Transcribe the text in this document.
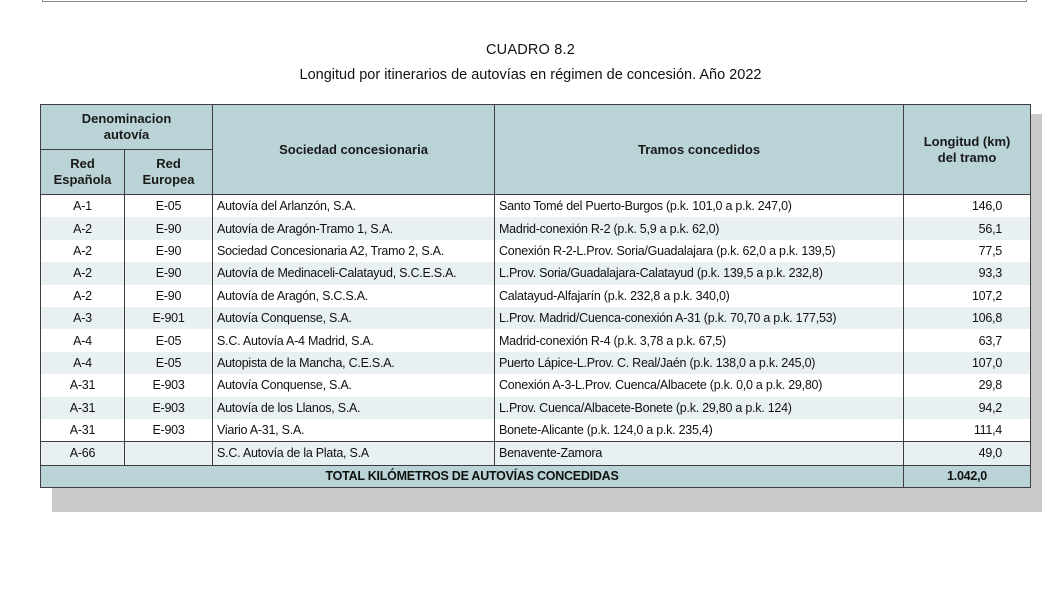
CUADRO 8.2
Longitud por itinerarios de autovías en régimen de concesión. Año 2022
Denominacion autovía		Sociedad concesionaria	Tramos concedidos	Longitud (km) del tramo
Red Española	Red Europea			
A-1	E-05	Autovía del Arlanzón, S.A.	Santo Tomé del Puerto-Burgos (p.k. 101,0 a p.k. 247,0)	146,0
A-2	E-90	Autovía de Aragón-Tramo 1, S.A.	Madrid-conexión R-2 (p.k. 5,9 a p.k. 62,0)	56,1
A-2	E-90	Sociedad Concesionaria A2, Tramo 2, S.A.	Conexión R-2-L.Prov. Soria/Guadalajara (p.k. 62,0 a p.k. 139,5)	77,5
A-2	E-90	Autovía de Medinaceli-Calatayud, S.C.E.S.A.	L.Prov. Soria/Guadalajara-Calatayud (p.k. 139,5 a p.k. 232,8)	93,3
A-2	E-90	Autovía de Aragón, S.C.S.A.	Calatayud-Alfajarín (p.k. 232,8 a p.k. 340,0)	107,2
A-3	E-901	Autovía Conquense, S.A.	L.Prov. Madrid/Cuenca-conexión A-31 (p.k. 70,70 a p.k. 177,53)	106,8
A-4	E-05	S.C. Autovía A-4 Madrid, S.A.	Madrid-conexión R-4 (p.k. 3,78 a p.k. 67,5)	63,7
A-4	E-05	Autopista de la Mancha, C.E.S.A.	Puerto Lápice-L.Prov. C. Real/Jaén (p.k. 138,0 a p.k. 245,0)	107,0
A-31	E-903	Autovía Conquense, S.A.	Conexión A-3-L.Prov. Cuenca/Albacete (p.k. 0,0 a p.k. 29,80)	29,8
A-31	E-903	Autovía de los Llanos, S.A.	L.Prov. Cuenca/Albacete-Bonete (p.k. 29,80 a p.k. 124)	94,2
A-31	E-903	Viario A-31, S.A.	Bonete-Alicante (p.k. 124,0 a p.k. 235,4)	111,4
A-66		S.C. Autovía de la Plata, S.A	Benavente-Zamora	49,0
TOTAL KILÓMETROS DE AUTOVÍAS CONCEDIDAS				1.042,0
